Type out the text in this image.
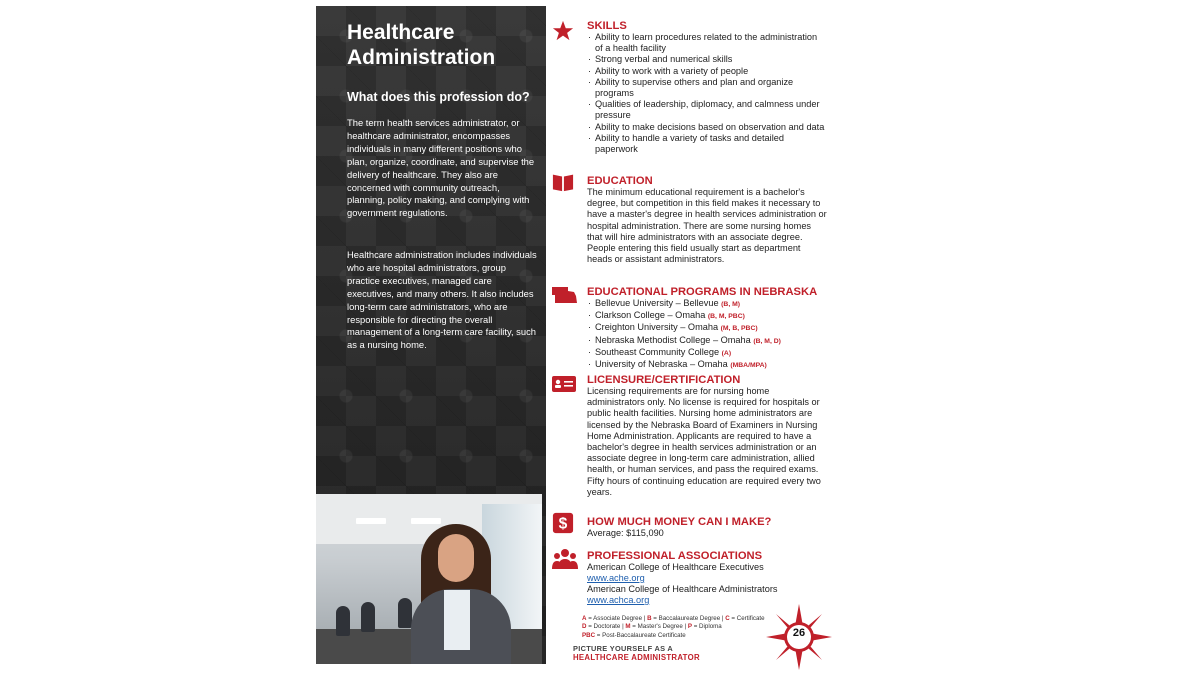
Healthcare Administration
What does this profession do?

The term health services administrator, or healthcare administrator, encompasses individuals in many different positions who plan, organize, coordinate, and supervise the delivery of healthcare. They also are concerned with community outreach, planning, policy making, and complying with government regulations.

Healthcare administration includes individuals who are hospital administrators, group practice executives, managed care executives, and many others. It also includes long-term care administrators, who are responsible for directing the overall management of a long-term care facility, such as a nursing home.

SKILLS
· Ability to learn procedures related to the administration of a health facility
· Strong verbal and numerical skills
· Ability to work with a variety of people
· Ability to supervise others and plan and organize programs
· Qualities of leadership, diplomacy, and calmness under pressure
· Ability to make decisions based on observation and data
· Ability to handle a variety of tasks and detailed paperwork
EDUCATION

The minimum educational requirement is a bachelor's degree, but competition in this field makes it necessary to have a master's degree in health services administration or hospital administration. There are some nursing homes that will hire administrators with an associate degree. People entering this field usually start as department heads or assistant administrators.

EDUCATIONAL PROGRAMS IN NEBRASKA
· Bellevue University – Bellevue (B, M)
· Clarkson College – Omaha (B, M, PBC)
· Creighton University – Omaha (M, B, PBC)
· Nebraska Methodist College – Omaha (B, M, D)
· Southeast Community College (A)
· University of Nebraska – Omaha (MBA/MPA)
LICENSURE/CERTIFICATION

Licensing requirements are for nursing home administrators only. No license is required for hospitals or public health facilities. Nursing home administrators are licensed by the Nebraska Board of Examiners in Nursing Home Administration. Applicants are required to have a bachelor's degree in health services administration or an associate degree in long-term care administration, allied health, or human services, and pass the required exams. Fifty hours of continuing education are required every two years.

$ HOW MUCH MONEY CAN I MAKE?

Average: $115,090

PROFESSIONAL ASSOCIATIONS

American College of Healthcare Executives

www.ache.org

American College of Healthcare Administrators

www.achca.org

A = Associate Degree | B = Baccalaureate Degree | C = Certificate
D = Doctorate | M = Master's Degree | P = Diploma
PBC = Post-Baccalaureate Certificate
PICTURE YOURSELF AS A
HEALTHCARE ADMINISTRATOR
26
